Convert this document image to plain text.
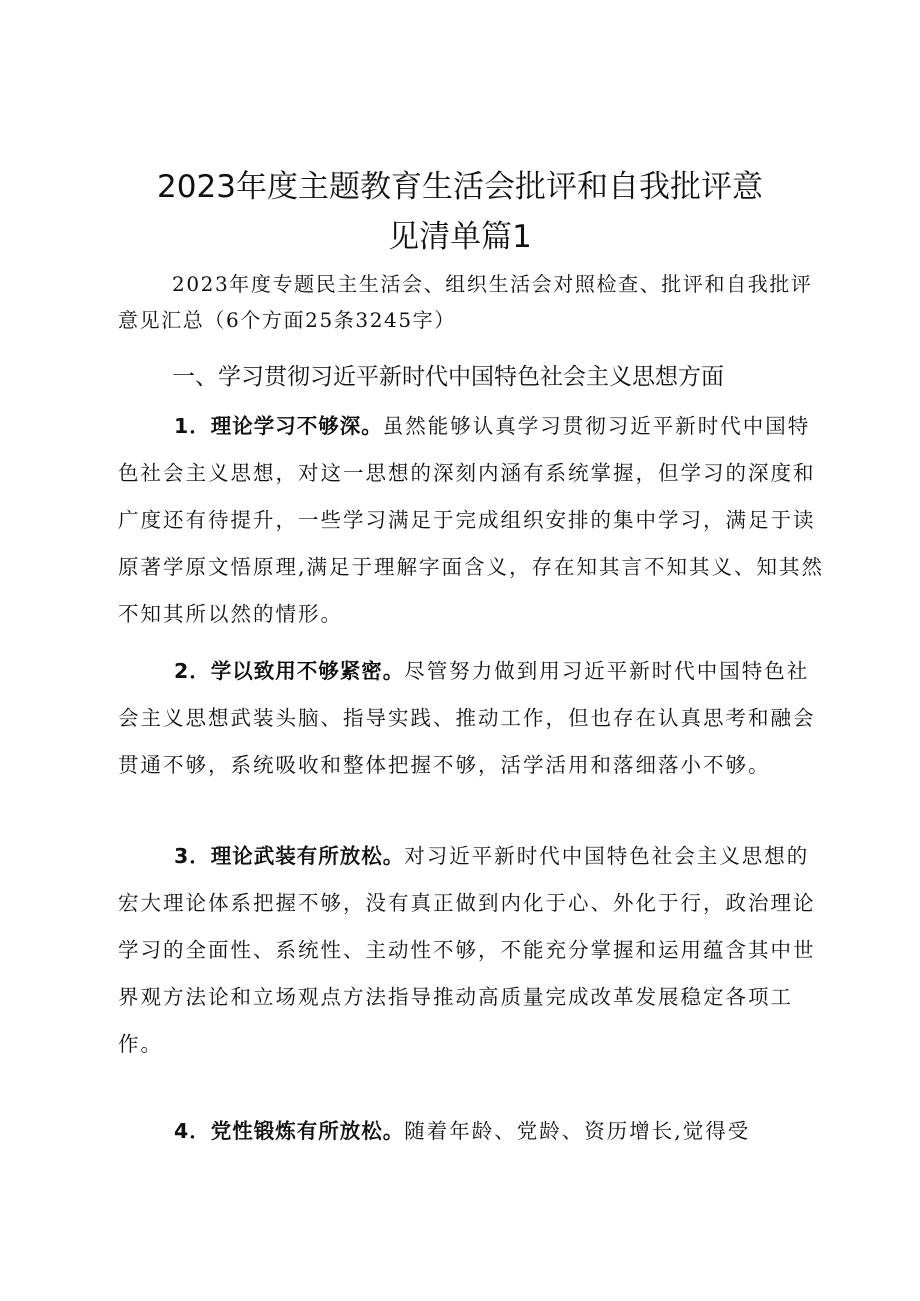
2023年度主题教育生活会批评和自我批评意
见清单篇1

2023年度专题民主生活会、组织生活会对照检查、批评和自我批评意见汇总（6个方面25条3245字）

一、学习贯彻习近平新时代中国特色社会主义思想方面

1．理论学习不够深。虽然能够认真学习贯彻习近平新时代中国特色社会主义思想，对这一思想的深刻内涵有系统掌握，但学习的深度和广度还有待提升，一些学习满足于完成组织安排的集中学习，满足于读原著学原文悟原理,满足于理解字面含义，存在知其言不知其义、知其然不知其所以然的情形。

2．学以致用不够紧密。尽管努力做到用习近平新时代中国特色社会主义思想武装头脑、指导实践、推动工作，但也存在认真思考和融会贯通不够，系统吸收和整体把握不够，活学活用和落细落小不够。

3．理论武装有所放松。对习近平新时代中国特色社会主义思想的宏大理论体系把握不够，没有真正做到内化于心、外化于行，政治理论学习的全面性、系统性、主动性不够，不能充分掌握和运用蕴含其中世界观方法论和立场观点方法指导推动高质量完成改革发展稳定各项工作。

4．党性锻炼有所放松。随着年龄、党龄、资历增长,觉得受
